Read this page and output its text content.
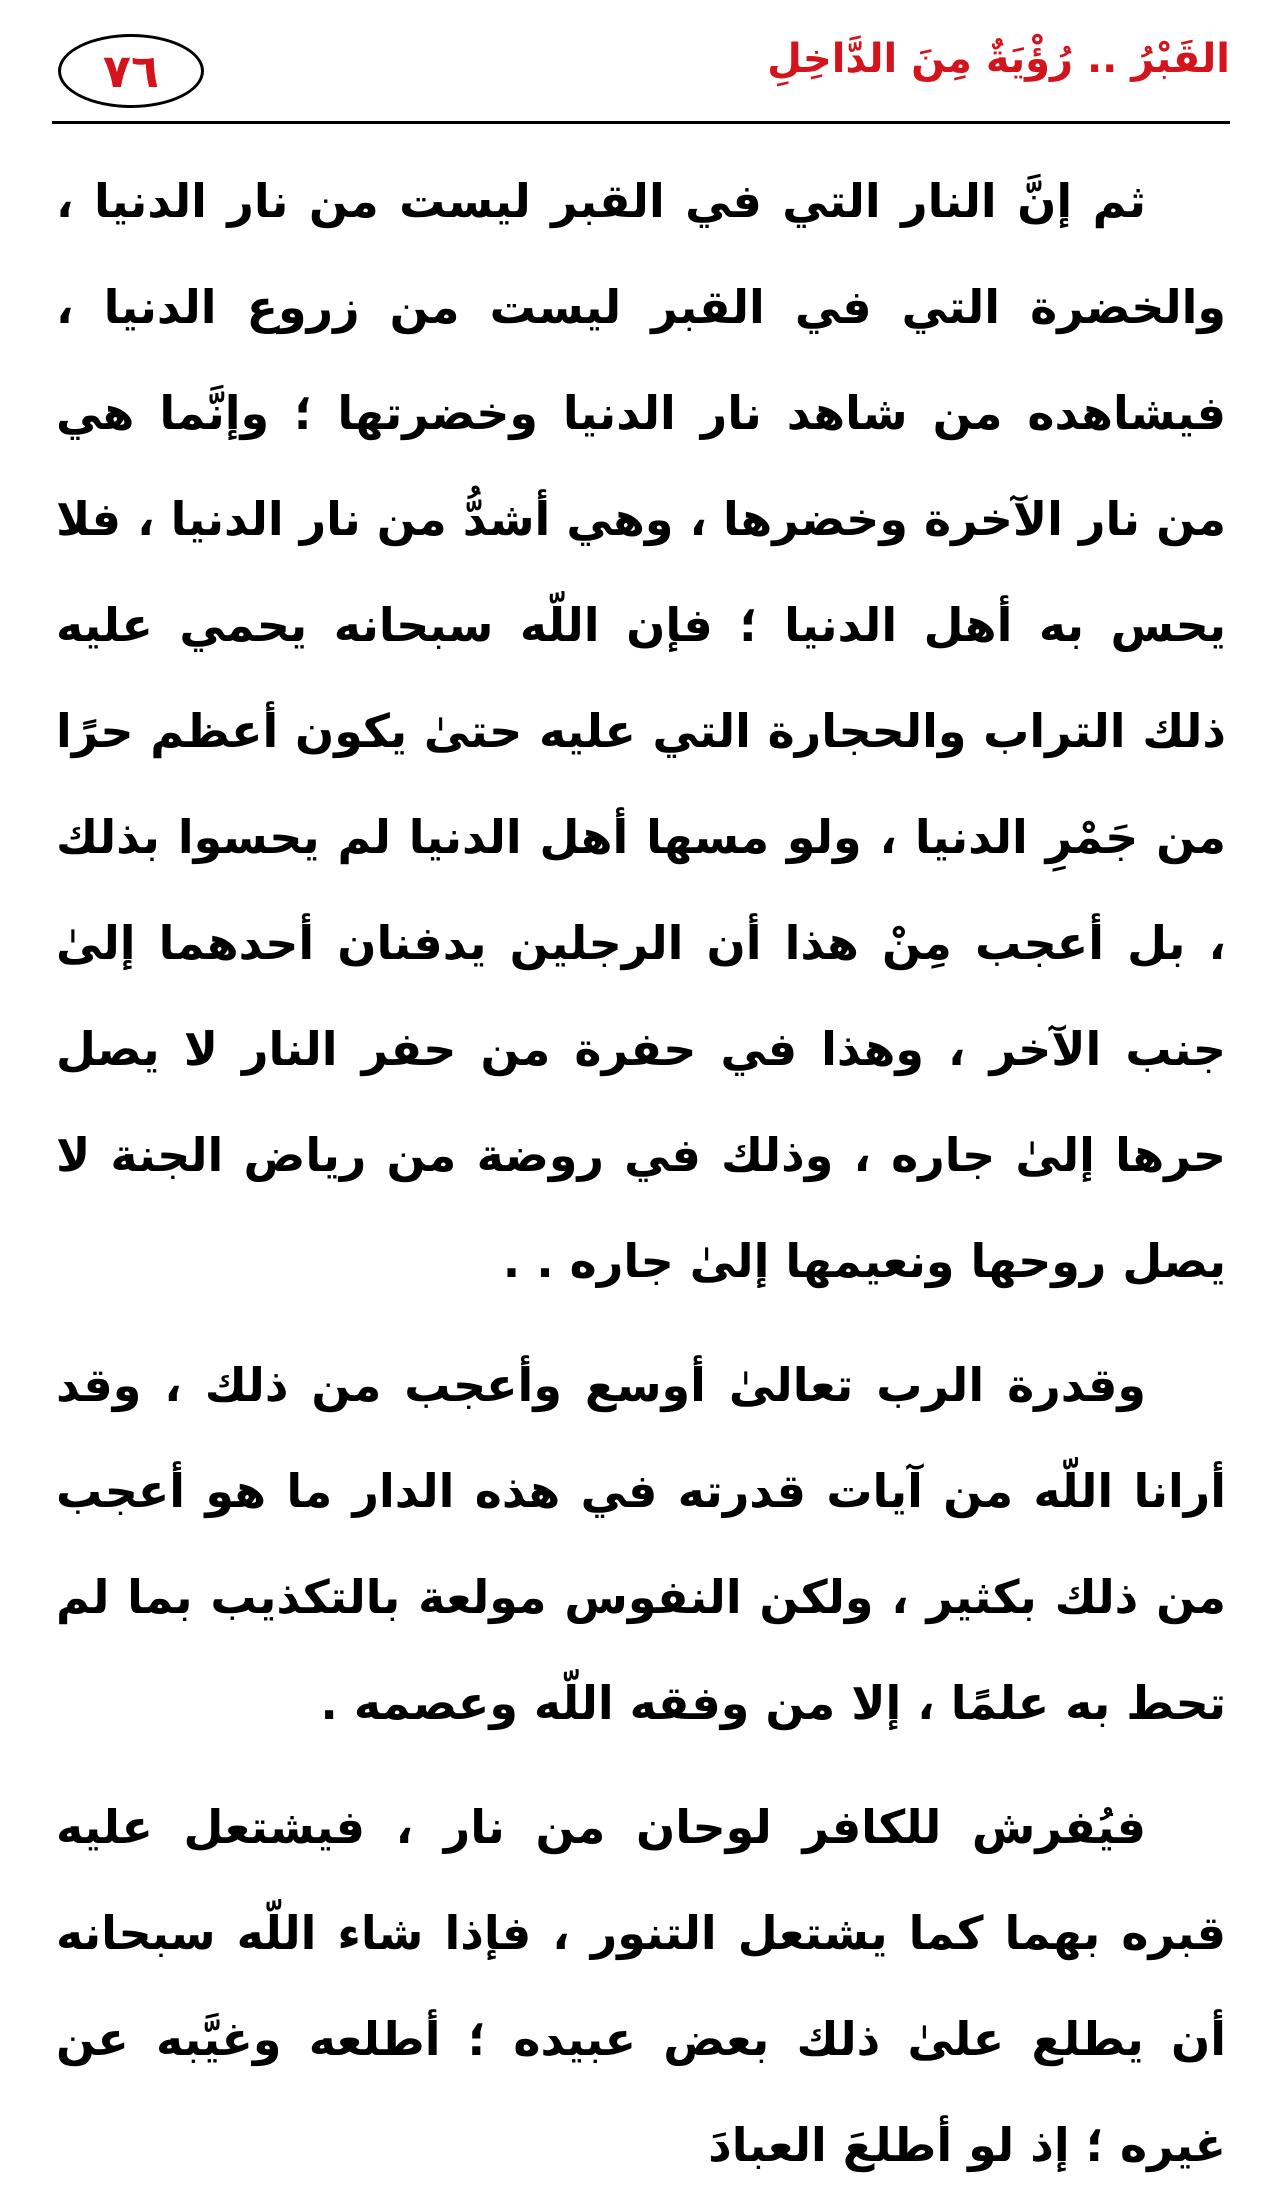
٧٦	القَبْرُ .. رُؤْيَةٌ مِنَ الدَّاخِلِ

ثم إنَّ النار التي في القبر ليست من نار الدنيا ، والخضرة التي في القبر ليست من زروع الدنيا ، فيشاهده من شاهد نار الدنيا وخضرتها ؛ وإنَّما هي من نار الآخرة وخضرها ، وهي أشدُّ من نار الدنيا ، فلا يحس به أهل الدنيا ؛ فإن اللّه سبحانه يحمي عليه ذلك التراب والحجارة التي عليه حتىٰ يكون أعظم حرًا من جَمْرِ الدنيا ، ولو مسها أهل الدنيا لم يحسوا بذلك ، بل أعجب مِنْ هذا أن الرجلين يدفنان أحدهما إلىٰ جنب الآخر ، وهذا في حفرة من حفر النار لا يصل حرها إلىٰ جاره ، وذلك في روضة من رياض الجنة لا يصل روحها ونعيمها إلىٰ جاره . .

وقدرة الرب تعالىٰ أوسع وأعجب من ذلك ، وقد أرانا اللّه من آيات قدرته في هذه الدار ما هو أعجب من ذلك بكثير ، ولكن النفوس مولعة بالتكذيب بما لم تحط به علمًا ، إلا من وفقه اللّه وعصمه .

فيُفرش للكافر لوحان من نار ، فيشتعل عليه قبره بهما كما يشتعل التنور ، فإذا شاء اللّه سبحانه أن يطلع علىٰ ذلك بعض عبيده ؛ أطلعه وغيَّبه عن غيره ؛ إذ لو أطلعَ العبادَ
